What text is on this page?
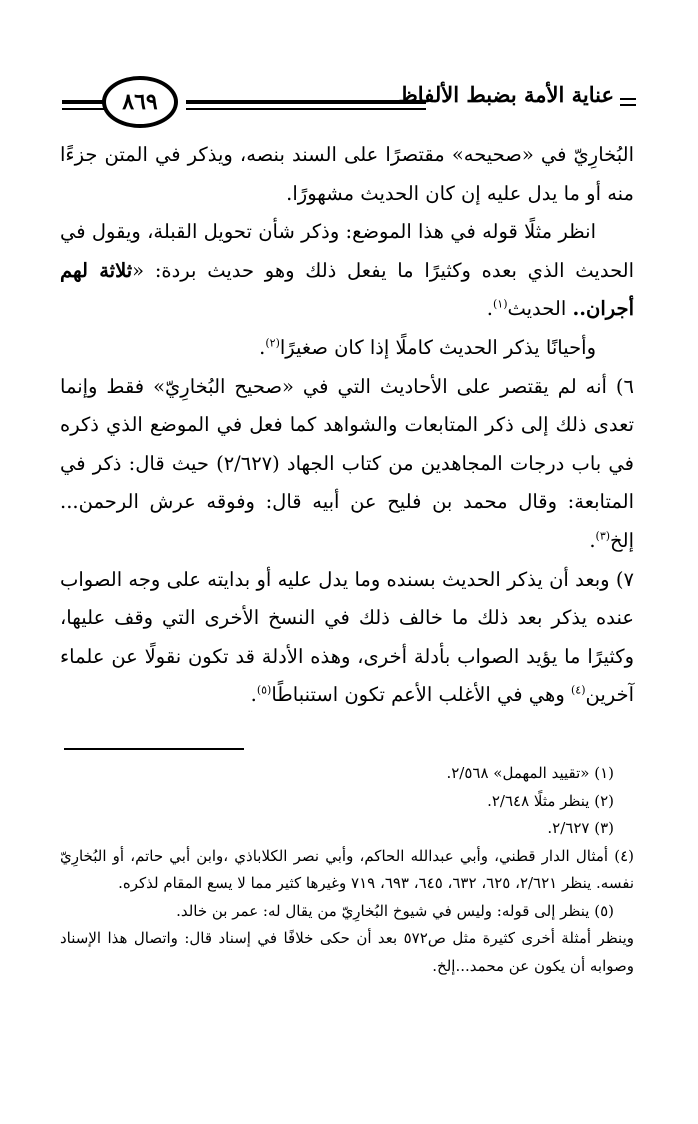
٨٦٩	عناية الأمة بضبط الألفاظ

البُخارِيّ في «صحيحه» مقتصرًا على السند بنصه، ويذكر في المتن جزءًا منه أو ما يدل عليه إن كان الحديث مشهورًا.

انظر مثلًا قوله في هذا الموضع: وذكر شأن تحويل القبلة، ويقول في الحديث الذي بعده وكثيرًا ما يفعل ذلك وهو حديث بردة: «ثلاثة لهم أجران.. الحديث$^{(١)}$.

وأحيانًا يذكر الحديث كاملًا إذا كان صغيرًا$^{(٢)}$.

٦) أنه لم يقتصر على الأحاديث التي في «صحيح البُخارِيّ» فقط وإنما تعدى ذلك إلى ذكر المتابعات والشواهد كما فعل في الموضع الذي ذكره في باب درجات المجاهدين من كتاب الجهاد (٢/٦٢٧) حيث قال: ذكر في المتابعة: وقال محمد بن فليح عن أبيه قال: وفوقه عرش الرحمن... إلخ$^{(٣)}$.

٧) وبعد أن يذكر الحديث بسنده وما يدل عليه أو بدايته على وجه الصواب عنده يذكر بعد ذلك ما خالف ذلك في النسخ الأخرى التي وقف عليها، وكثيرًا ما يؤيد الصواب بأدلة أخرى، وهذه الأدلة قد تكون نقولًا عن علماء آخرين$^{(٤)}$ وهي في الأغلب الأعم تكون استنباطًا$^{(٥)}$.

(١) «تقييد المهمل» ٢/٥٦٨.

(٢) ينظر مثلًا ٢/٦٤٨.

(٣) ٢/٦٢٧.

(٤) أمثال الدار قطني، وأبي عبدالله الحاكم، وأبي نصر الكلاباذي ،وابن أبي حاتم، أو البُخارِيّ نفسه. ينظر ٢/٦٢١، ٦٢٥، ٦٣٢، ٦٤٥، ٦٩٣، ٧١٩ وغيرها كثير مما لا يسع المقام لذكره.

(٥) ينظر إلى قوله: وليس في شيوخ البُخارِيّ من يقال له: عمر بن خالد.

وينظر أمثلة أخرى كثيرة مثل ص٥٧٢ بعد أن حكى خلافًا في إسناد قال: واتصال هذا الإسناد وصوابه أن يكون عن محمد...إلخ.
